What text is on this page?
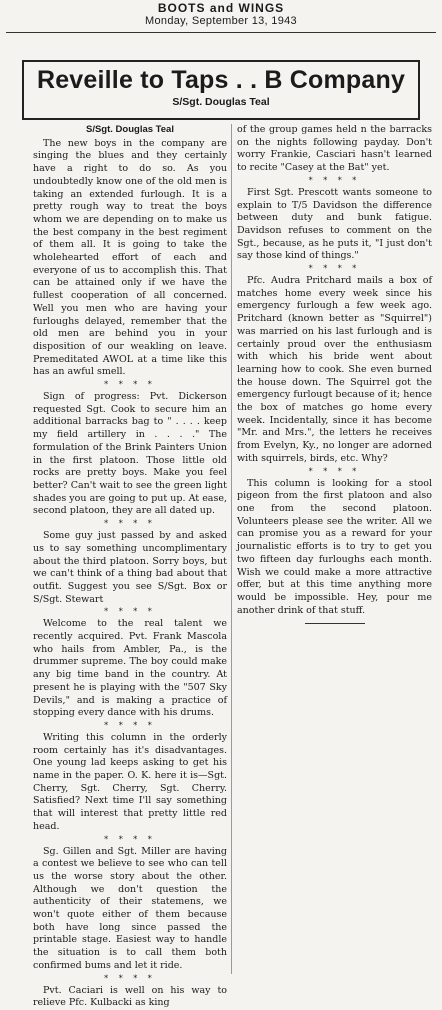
BOOTS and WINGS
Monday, September 13, 1943
Reveille to Taps . . B Company
S/Sgt. Douglas Teal

S/Sgt. Douglas Teal

The new boys in the company are singing the blues and they certainly have a right to do so. As you undoubtedly know one of the old men is taking an extended furlough. It is a pretty rough way to treat the boys whom we are depending on to make us the best company in the best regiment of them all. It is going to take the wholehearted effort of each and everyone of us to accomplish this. That can be attained only if we have the fullest cooperation of all concerned. Well you men who are having your furloughs delayed, remember that the old men are behind you in your disposition of our weakling on leave. Premeditated AWOL at a time like this has an awful smell.

* * * *

Sign of progress: Pvt. Dickerson requested Sgt. Cook to secure him an additional barracks bag to " . . . . keep my field artillery in . . . ." The formulation of the Brink Painters Union in the first platoon. Those little old rocks are pretty boys. Make you feel better? Can't wait to see the green light shades you are going to put up. At ease, second platoon, they are all dated up.

* * * *

Some guy just passed by and asked us to say something uncomplimentary about the third platoon. Sorry boys, but we can't think of a thing bad about that outfit. Suggest you see S/Sgt. Box or S/Sgt. Stewart

* * * *

Welcome to the real talent we recently acquired. Pvt. Frank Mascola who hails from Ambler, Pa., is the drummer supreme. The boy could make any big time band in the country. At present he is playing with the "507 Sky Devils," and is making a practice of stopping every dance with his drums.

* * * *

Writing this column in the orderly room certainly has it's disadvantages. One young lad keeps asking to get his name in the paper. O. K. here it is—Sgt. Cherry, Sgt. Cherry, Sgt. Cherry. Satisfied? Next time I'll say something that will interest that pretty little red head.

* * * *

Sg. Gillen and Sgt. Miller are having a contest we believe to see who can tell us the worse story about the other. Although we don't question the authenticity of their statemens, we won't quote either of them because both have long since passed the printable stage. Easiest way to handle the situation is to call them both confirmed bums and let it ride.

* * * *

Pvt. Caciari is well on his way to relieve Pfc. Kulbacki as king

of the group games held n the barracks on the nights following payday. Don't worry Frankie, Casciari hasn't learned to recite "Casey at the Bat" yet.

* * * *

First Sgt. Prescott wants someone to explain to T/5 Davidson the difference between duty and bunk fatigue. Davidson refuses to comment on the Sgt., because, as he puts it, "I just don't say those kind of things."

* * * *

Pfc. Audra Pritchard mails a box of matches home every week since his emergency furlough a few week ago. Pritchard (known better as "Squirrel") was married on his last furlough and is certainly proud over the enthusiasm with which his bride went about learning how to cook. She even burned the house down. The Squirrel got the emergency furlougt because of it; hence the box of matches go home every week. Incidentally, since it has become "Mr. and Mrs.", the letters he receives from Evelyn, Ky., no longer are adorned with squirrels, birds, etc. Why?

* * * *

This column is looking for a stool pigeon from the first platoon and also one from the second platoon. Volunteers please see the writer. All we can promise you as a reward for your journalistic efforts is to try to get you two fifteen day furloughs each month. Wish we could make a more attractive offer, but at this time anything more would be impossible. Hey, pour me another drink of that stuff.
